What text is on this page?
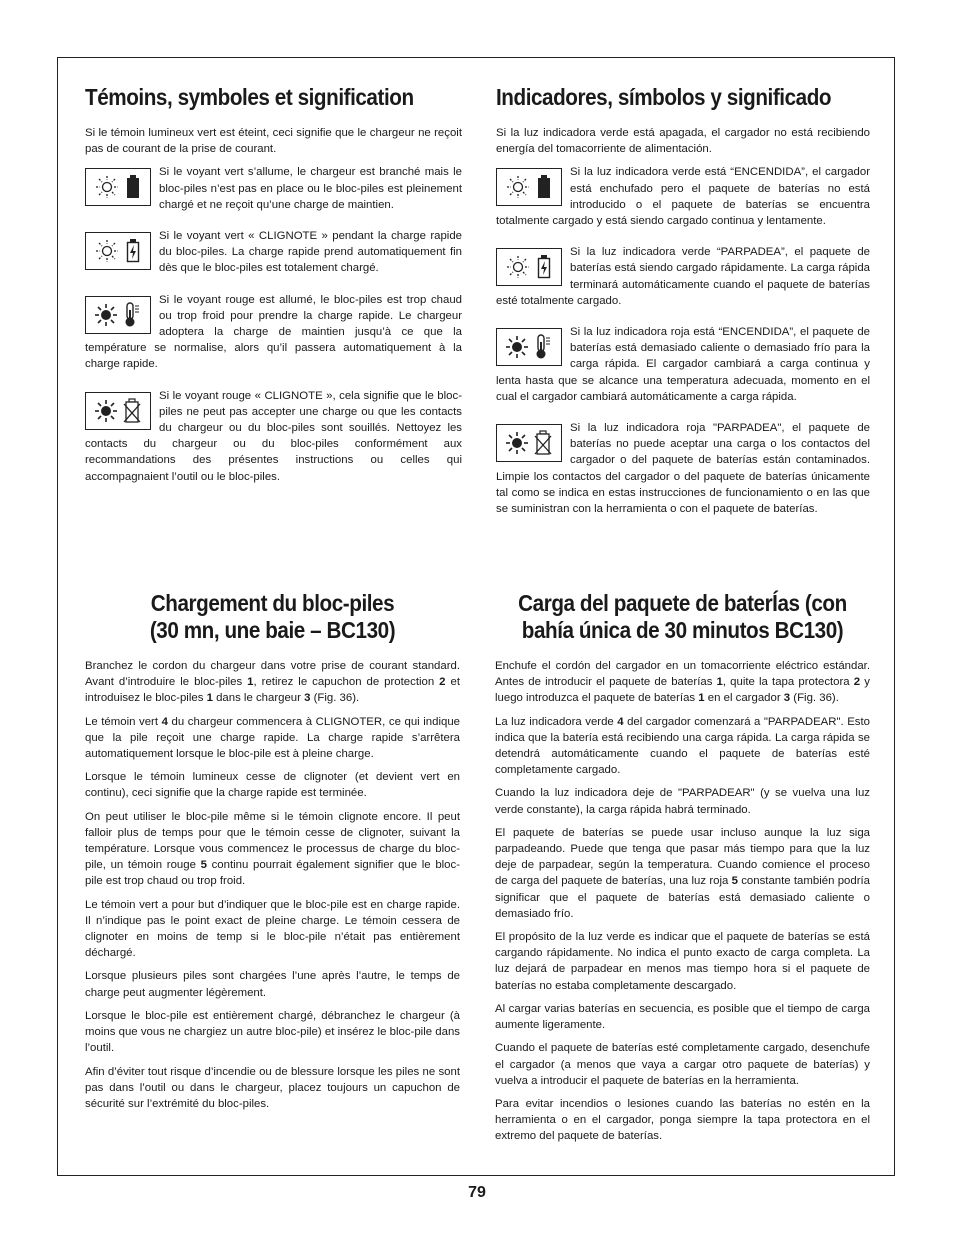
Témoins, symboles et signification

Si le témoin lumineux vert est éteint, ceci signifie que le chargeur ne reçoit pas de courant de la prise de courant.

Si le voyant vert s’allume, le chargeur est branché mais le bloc-piles n’est pas en place ou le bloc-piles est pleinement chargé et ne reçoit qu’une charge de maintien.

Si le voyant vert « CLIGNOTE » pendant la charge rapide du bloc-piles. La charge rapide prend automatiquement fin dès que le bloc-piles est totalement chargé.

Si le voyant rouge est allumé, le bloc-piles est trop chaud ou trop froid pour prendre la charge rapide. Le chargeur adoptera la charge de maintien jusqu’à ce que la température se normalise, alors qu’il passera automatiquement à la charge rapide.

Si le voyant rouge « CLIGNOTE », cela signifie que le bloc-piles ne peut pas accepter une charge ou que les contacts du chargeur ou du bloc-piles sont souillés. Nettoyez les contacts du chargeur ou du bloc-piles conformément aux recommandations des présentes instructions ou celles qui accompagnaient l’outil ou le bloc-piles.

Indicadores, símbolos y significado

Si la luz indicadora verde está apagada, el cargador no está recibiendo energía del tomacorriente de alimentación.

Si la luz indicadora verde está “ENCENDIDA”, el cargador está enchufado pero el paquete de baterías no está introducido o el paquete de baterías se encuentra totalmente cargado y está siendo cargado continua y lentamente.

Si la luz indicadora verde “PARPADEA”, el paquete de baterías está siendo cargado rápidamente. La carga rápida terminará automáticamente cuando el paquete de baterías esté totalmente cargado.

Si la luz indicadora roja está “ENCENDIDA”, el paquete de baterías está demasiado caliente o demasiado frío para la carga rápida. El cargador cambiará a carga continua y lenta hasta que se alcance una temperatura adecuada, momento en el cual el cargador cambiará automáticamente a carga rápida.

Si la luz indicadora roja "PARPADEA", el paquete de baterías no puede aceptar una carga o los contactos del cargador o del paquete de baterías están contaminados. Limpie los contactos del cargador o del paquete de baterías únicamente tal como se indica en estas instrucciones de funcionamiento o en las que se suministran con la herramienta o con el paquete de baterías.

Chargement du bloc-piles
(30 mn, une baie – BC130)

Branchez le cordon du chargeur dans votre prise de courant standard. Avant d’introduire le bloc-piles 1, retirez le capuchon de protection 2 et introduisez le bloc-piles 1 dans le chargeur 3 (Fig. 36).

Le témoin vert 4 du chargeur commencera à CLIGNOTER, ce qui indique que la pile reçoit une charge rapide. La charge rapide s’arrêtera automatiquement lorsque le bloc-pile est à pleine charge.

Lorsque le témoin lumineux cesse de clignoter (et devient vert en continu), ceci signifie que la charge rapide est terminée.

On peut utiliser le bloc-pile même si le témoin clignote encore. Il peut falloir plus de temps pour que le témoin cesse de clignoter, suivant la température. Lorsque vous commencez le processus de charge du bloc-pile, un témoin rouge 5 continu pourrait également signifier que le bloc-pile est trop chaud ou trop froid.

Le témoin vert a pour but d’indiquer que le bloc-pile est en charge rapide. Il n’indique pas le point exact de pleine charge. Le témoin cessera de clignoter en moins de temp si le bloc-pile n’était pas entièrement déchargé.

Lorsque plusieurs piles sont chargées l’une après l’autre, le temps de charge peut augmenter légèrement.

Lorsque le bloc-pile est entièrement chargé, débranchez le chargeur (à moins que vous ne chargiez un autre bloc-pile) et insérez le bloc-pile dans l’outil.

Afin d’éviter tout risque d’incendie ou de blessure lorsque les piles ne sont pas dans l’outil ou dans le chargeur, placez toujours un capuchon de sécurité sur l’extrémité du bloc-piles.

Carga del paquete de baterÍas (con
bahía única de 30 minutos BC130)

Enchufe el cordón del cargador en un tomacorriente eléctrico estándar. Antes de introducir el paquete de baterías 1, quite la tapa protectora 2 y luego introduzca el paquete de baterías 1 en el cargador 3 (Fig. 36).

La luz indicadora verde 4 del cargador comenzará a "PARPADEAR". Esto indica que la batería está recibiendo una carga rápida. La carga rápida se detendrá automáticamente cuando el paquete de baterías esté completamente cargado.

Cuando la luz indicadora deje de "PARPADEAR" (y se vuelva una luz verde constante), la carga rápida habrá terminado.

El paquete de baterías se puede usar incluso aunque la luz siga parpadeando. Puede que tenga que pasar más tiempo para que la luz deje de parpadear, según la temperatura. Cuando comience el proceso de carga del paquete de baterías, una luz roja 5 constante también podría significar que el paquete de baterías está demasiado caliente o demasiado frío.

El propósito de la luz verde es indicar que el paquete de baterías se está cargando rápidamente. No indica el punto exacto de carga completa. La luz dejará de parpadear en menos mas tiempo hora si el paquete de baterías no estaba completamente descargado.

Al cargar varias baterías en secuencia, es posible que el tiempo de carga aumente ligeramente.

Cuando el paquete de baterías esté completamente cargado, desenchufe el cargador (a menos que vaya a cargar otro paquete de baterías) y vuelva a introducir el paquete de baterías en la herramienta.

Para evitar incendios o lesiones cuando las baterías no estén en la herramienta o en el cargador, ponga siempre la tapa protectora en el extremo del paquete de baterías.

79
